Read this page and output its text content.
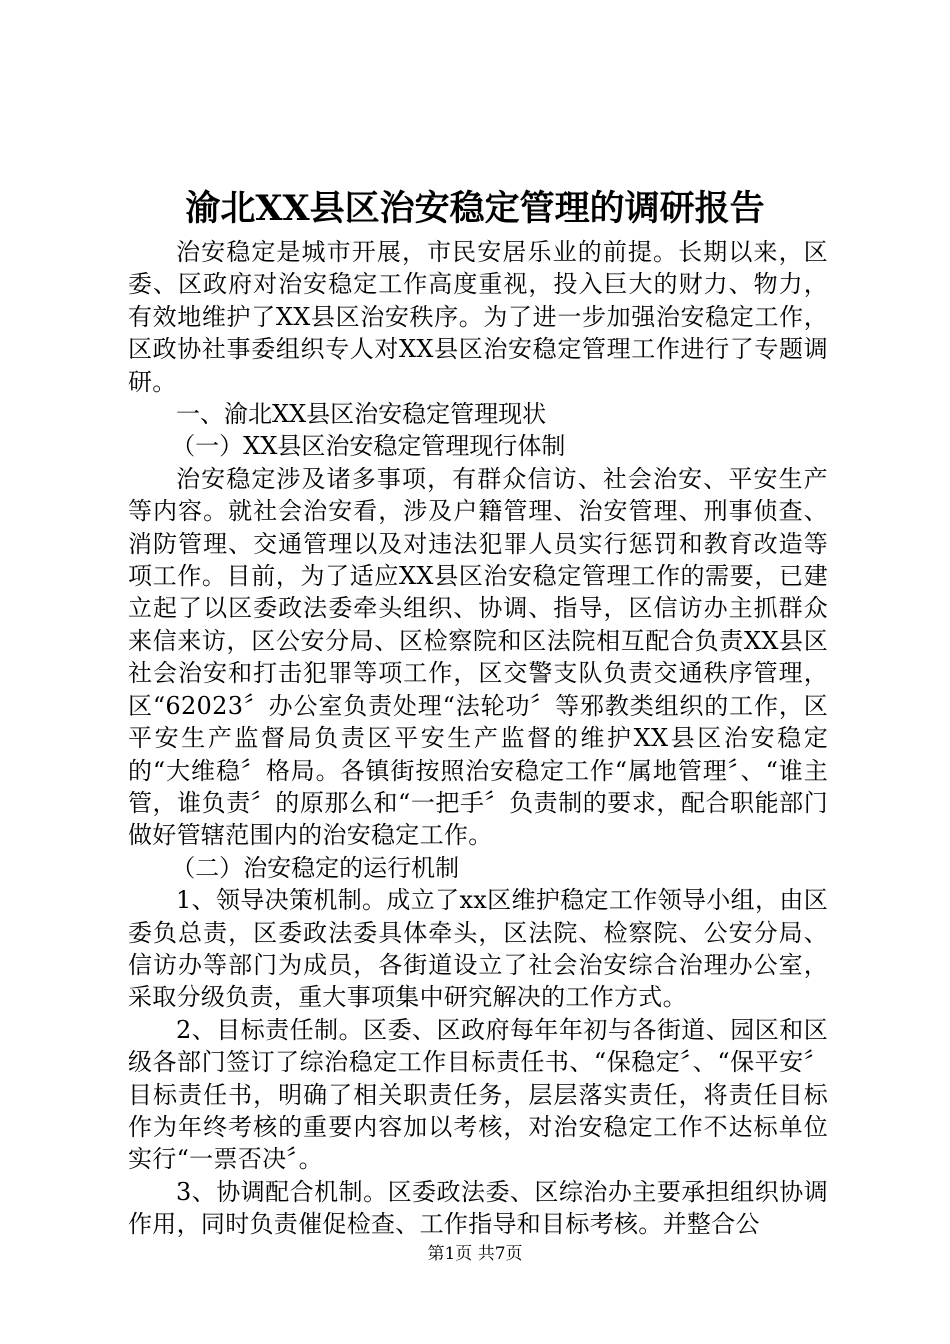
渝北XX县区治安稳定管理的调研报告

治安稳定是城市开展，市民安居乐业的前提。长期以来，区委、区政府对治安稳定工作高度重视，投入巨大的财力、物力，有效地维护了XX县区治安秩序。为了进一步加强治安稳定工作，区政协社事委组织专人对XX县区治安稳定管理工作进行了专题调研。

一、渝北XX县区治安稳定管理现状

（一）XX县区治安稳定管理现行体制

治安稳定涉及诸多事项，有群众信访、社会治安、平安生产等内容。就社会治安看，涉及户籍管理、治安管理、刑事侦查、消防管理、交通管理以及对违法犯罪人员实行惩罚和教育改造等项工作。目前，为了适应XX县区治安稳定管理工作的需要，已建立起了以区委政法委牵头组织、协调、指导，区信访办主抓群众来信来访，区公安分局、区检察院和区法院相互配合负责XX县区社会治安和打击犯罪等项工作，区交警支队负责交通秩序管理，区“62023〞办公室负责处理“法轮功〞等邪教类组织的工作，区平安生产监督局负责区平安生产监督的维护XX县区治安稳定的“大维稳〞格局。各镇街按照治安稳定工作“属地管理〞、“谁主管，谁负责〞的原那么和“一把手〞负责制的要求，配合职能部门做好管辖范围内的治安稳定工作。

（二）治安稳定的运行机制

1、领导决策机制。成立了xx区维护稳定工作领导小组，由区委负总责，区委政法委具体牵头，区法院、检察院、公安分局、信访办等部门为成员，各街道设立了社会治安综合治理办公室，采取分级负责，重大事项集中研究解决的工作方式。

2、目标责任制。区委、区政府每年年初与各街道、园区和区级各部门签订了综治稳定工作目标责任书、“保稳定〞、“保平安〞目标责任书，明确了相关职责任务，层层落实责任，将责任目标作为年终考核的重要内容加以考核，对治安稳定工作不达标单位实行“一票否决〞。

3、协调配合机制。区委政法委、区综治办主要承担组织协调作用，同时负责催促检查、工作指导和目标考核。并整合公

第1页 共7页
